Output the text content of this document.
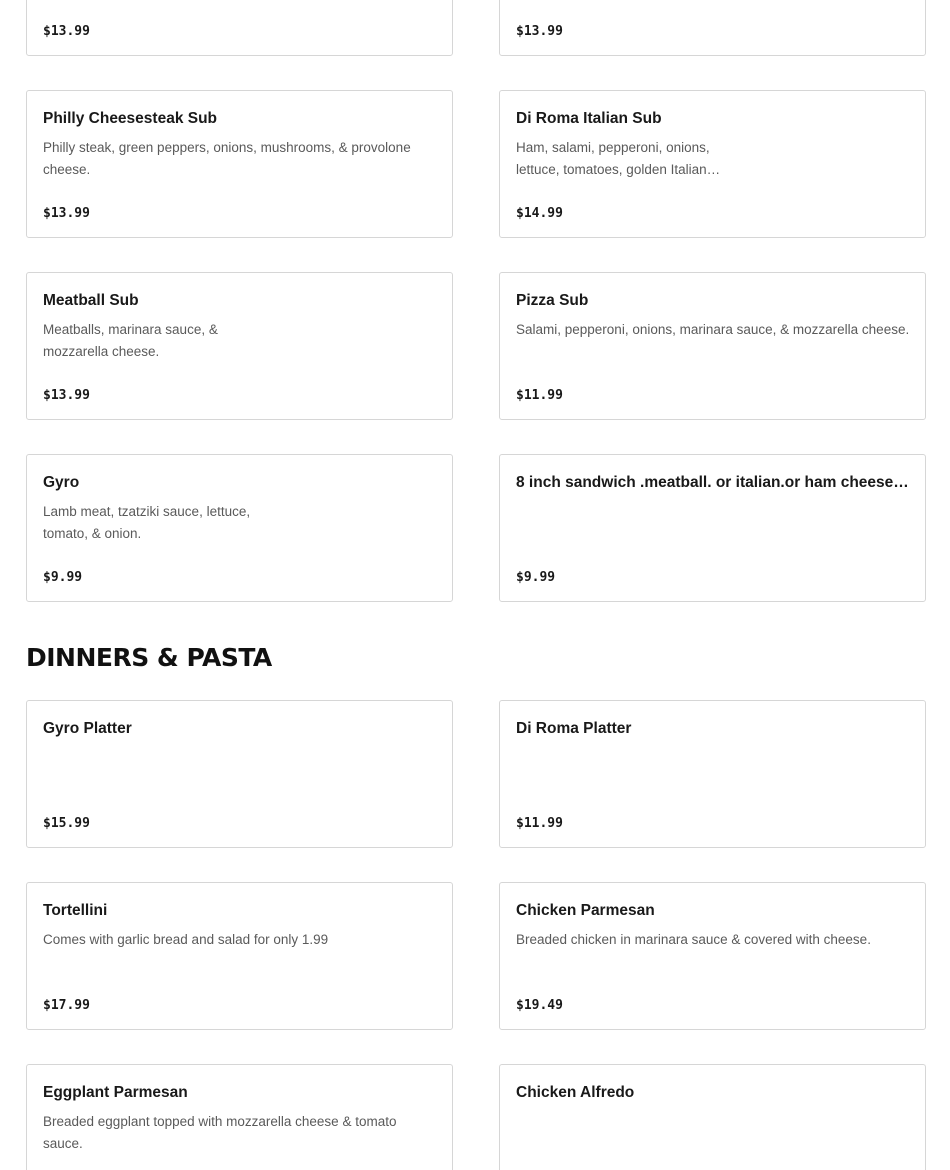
$13.99	$13.99
Philly Cheesesteak Sub
Philly steak, green peppers, onions, mushrooms, & provolone cheese.
$13.99
Di Roma Italian Sub
Ham, salami, pepperoni, onions, lettuce, tomatoes, golden Italian…
$14.99
Meatball Sub
Meatballs, marinara sauce, & mozzarella cheese.
$13.99
Pizza Sub
Salami, pepperoni, onions, marinara sauce, & mozzarella cheese.
$11.99
Gyro
Lamb meat, tzatziki sauce, lettuce, tomato, & onion.
$9.99
8 inch sandwich .meatball. or italian.or ham cheese…
$9.99
DINNERS & PASTA
Gyro Platter
$15.99
Di Roma Platter
$11.99
Tortellini
Comes with garlic bread and salad for only 1.99
$17.99
Chicken Parmesan
Breaded chicken in marinara sauce & covered with cheese.
$19.49
Eggplant Parmesan
Breaded eggplant topped with mozzarella cheese & tomato sauce.
Chicken Alfredo
